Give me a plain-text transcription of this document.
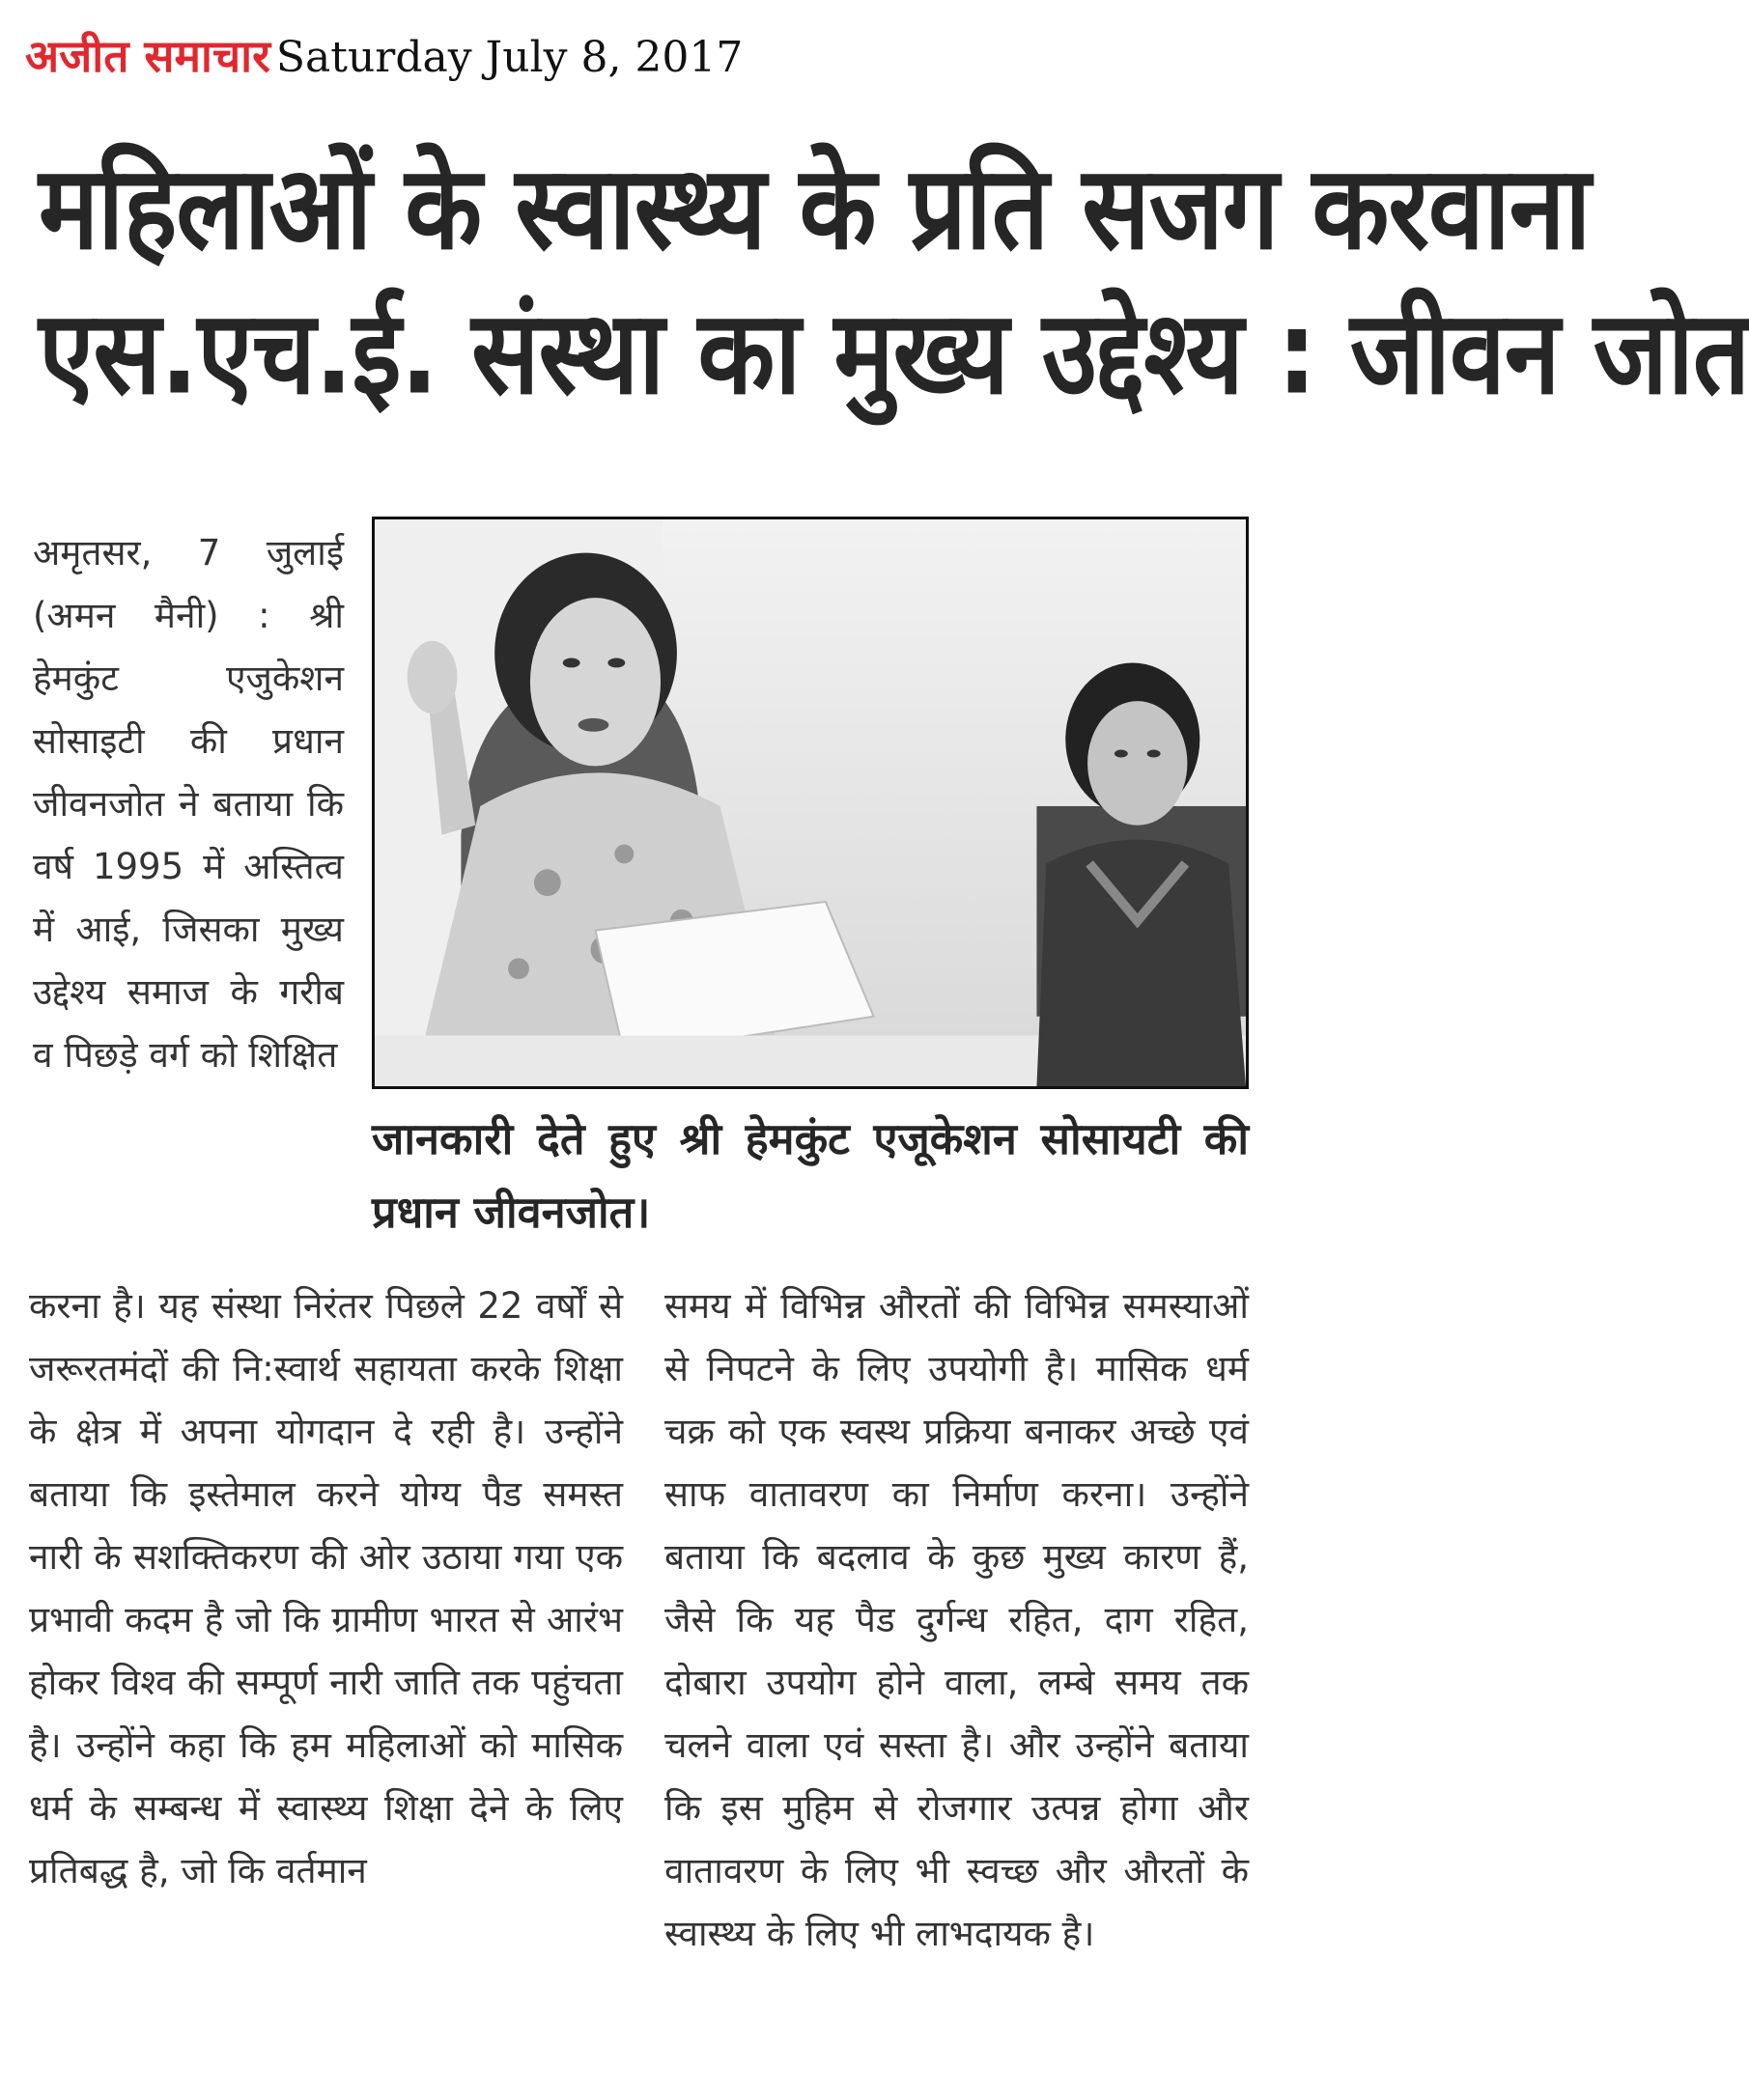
अजीत समाचार Saturday July 8, 2017
महिलाओं के स्वास्थ्य के प्रति सजग करवाना
एस.एच.ई. संस्था का मुख्य उद्देश्य : जीवन जोत
अमृतसर, 7 जुलाई (अमन मैनी) : श्री हेमकुंट एजुकेशन सोसाइटी की प्रधान जीवनजोत ने बताया कि वर्ष 1995 में अस्तित्व में आई, जिसका मुख्य उद्देश्य समाज के गरीब व पिछड़े वर्ग को शिक्षित
जानकारी देते हुए श्री हेमकुंट एजूकेशन सोसायटी की प्रधान जीवनजोत।
करना है। यह संस्था निरंतर पिछले 22 वर्षों से जरूरतमंदों की नि:स्वार्थ सहायता करके शिक्षा के क्षेत्र में अपना योगदान दे रही है। उन्होंने बताया कि इस्तेमाल करने योग्य पैड समस्त नारी के सशक्तिकरण की ओर उठाया गया एक प्रभावी कदम है जो कि ग्रामीण भारत से आरंभ होकर विश्व की सम्पूर्ण नारी जाति तक पहुंचता है। उन्होंने कहा कि हम महिलाओं को मासिक धर्म के सम्बन्ध में स्वास्थ्य शिक्षा देने के लिए प्रतिबद्ध है, जो कि वर्तमान
समय में विभिन्न औरतों की विभिन्न समस्याओं से निपटने के लिए उपयोगी है। मासिक धर्म चक्र को एक स्वस्थ प्रक्रिया बनाकर अच्छे एवं साफ वातावरण का निर्माण करना। उन्होंने बताया कि बदलाव के कुछ मुख्य कारण हैं, जैसे कि यह पैड दुर्गन्ध रहित, दाग रहित, दोबारा उपयोग होने वाला, लम्बे समय तक चलने वाला एवं सस्ता है। और उन्होंने बताया कि इस मुहिम से रोजगार उत्पन्न होगा और वातावरण के लिए भी स्वच्छ और औरतों के स्वास्थ्य के लिए भी लाभदायक है।
